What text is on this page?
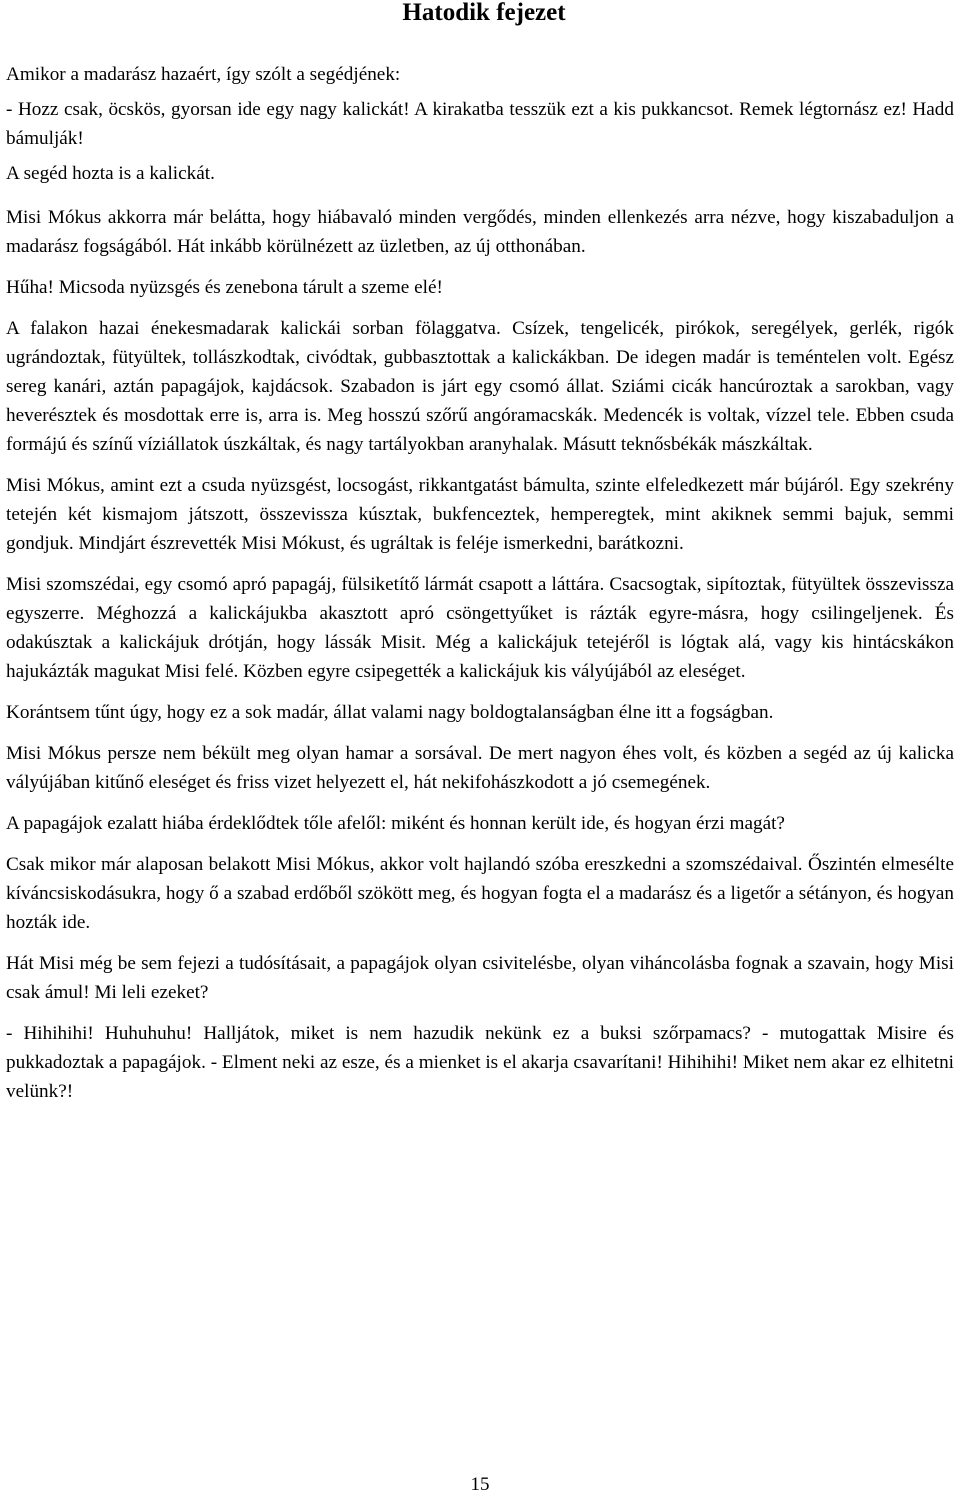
Hatodik fejezet

Amikor a madarász hazaért, így szólt a segédjének:

- Hozz csak, öcskös, gyorsan ide egy nagy kalickát! A kirakatba tesszük ezt a kis pukkancsot. Remek légtornász ez! Hadd bámulják!

A segéd hozta is a kalickát.

Misi Mókus akkorra már belátta, hogy hiábavaló minden vergődés, minden ellenkezés arra nézve, hogy kiszabaduljon a madarász fogságából. Hát inkább körülnézett az üzletben, az új otthonában.

Hűha! Micsoda nyüzsgés és zenebona tárult a szeme elé!

A falakon hazai énekesmadarak kalickái sorban fölaggatva. Csízek, tengelicék, pirókok, seregélyek, gerlék, rigók ugrándoztak, fütyültek, tollászkodtak, civódtak, gubbasztottak a kalickákban. De idegen madár is teméntelen volt. Egész sereg kanári, aztán papagájok, kajdácsok. Szabadon is járt egy csomó állat. Sziámi cicák hancúroztak a sarokban, vagy heverésztek és mosdottak erre is, arra is. Meg hosszú szőrű angóramacskák. Medencék is voltak, vízzel tele. Ebben csuda formájú és színű víziállatok úszkáltak, és nagy tartályokban aranyhalak. Másutt teknősbékák mászkáltak.

Misi Mókus, amint ezt a csuda nyüzsgést, locsogást, rikkantgatást bámulta, szinte elfeledkezett már bújáról. Egy szekrény tetején két kismajom játszott, összevissza kúsztak, bukfenceztek, hemperegtek, mint akiknek semmi bajuk, semmi gondjuk. Mindjárt észrevették Misi Mókust, és ugráltak is feléje ismerkedni, barátkozni.

Misi szomszédai, egy csomó apró papagáj, fülsiketítő lármát csapott a láttára. Csacsogtak, sipítoztak, fütyültek összevissza egyszerre. Méghozzá a kalickájukba akasztott apró csöngettyűket is rázták egyre-másra, hogy csilingeljenek. És odakúsztak a kalickájuk drótján, hogy lássák Misit. Még a kalickájuk tetejéről is lógtak alá, vagy kis hintácskákon hajukázták magukat Misi felé. Közben egyre csipegették a kalickájuk kis vályújából az eleséget.

Korántsem tűnt úgy, hogy ez a sok madár, állat valami nagy boldogtalanságban élne itt a fogságban.

Misi Mókus persze nem békült meg olyan hamar a sorsával. De mert nagyon éhes volt, és közben a segéd az új kalicka vályújában kitűnő eleséget és friss vizet helyezett el, hát nekifohászkodott a jó csemegének.

A papagájok ezalatt hiába érdeklődtek tőle afelől: miként és honnan került ide, és hogyan érzi magát?

Csak mikor már alaposan belakott Misi Mókus, akkor volt hajlandó szóba ereszkedni a szomszédaival. Őszintén elmesélte kíváncsiskodásukra, hogy ő a szabad erdőből szökött meg, és hogyan fogta el a madarász és a ligetőr a sétányon, és hogyan hozták ide.

Hát Misi még be sem fejezi a tudósításait, a papagájok olyan csivitelésbe, olyan viháncolásba fognak a szavain, hogy Misi csak ámul! Mi leli ezeket?

- Hihihihi! Huhuhuhu! Halljátok, miket is nem hazudik nekünk ez a buksi szőrpamacs? - mutogattak Misire és pukkadoztak a papagájok. - Elment neki az esze, és a mienket is el akarja csavarítani! Hihihihi! Miket nem akar ez elhitetni velünk?!

15
